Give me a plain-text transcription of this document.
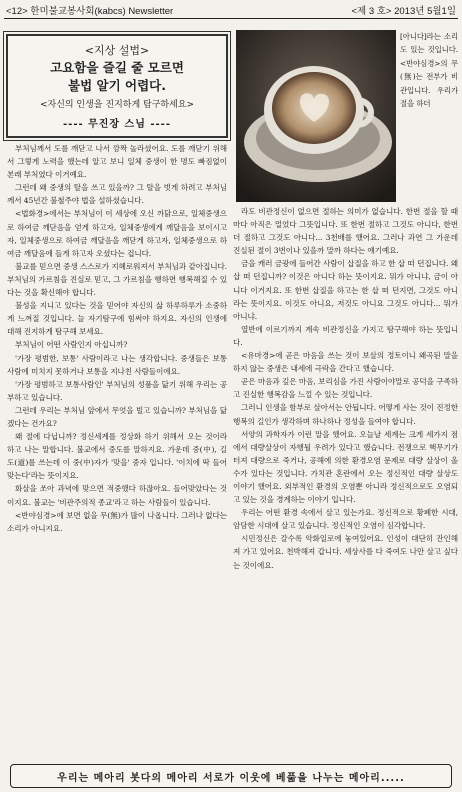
<12> 한미불교봉사회(kabcs) Newsletter	<제 3 호> 2013년 5월1일
<지상 설법>
고요함을 즐길 줄 모르면
불법 알기 어렵다.
<자신의 인생을 진지하게 탐구하세요>
---- 무진장 스님 ----

[아니다]라는 소리도 있는 것입니다. <반야심경>의 무(無)는 전부가 비관입니다. 우리가 절을 하더

부처님께서 도를 깨닫고 나서 깜짝 놀라셨어요. 도를 깨닫기 위해서 그렇게 노력을 했는데 알고 보니 일체 중생이 한 명도 빠짐없이 본래 부처였다 이거예요.

그런데 왜 중생의 탈을 쓰고 있을까? 그 탈을 벗게 하려고 부처님께서 45년간 불철주야 법을 설하셨습니다.

<법화경>에서는 부처님이 이 세상에 오신 까닭으로, 일체중생으로 하여금 깨닫음을 얻게 하고자, 일체중생에게 깨달음을 보이시고자, 일체중생으로 하여금 깨달음을 깨닫게 하고자, 일체중생으로 하여금 깨달음에 들게 하고자 오셨다는 겁니다.

불교를 믿으면 중생 스스로가 지혜로워져서 부처님과 같아집니다. 부처님의 가르침을 진실로 믿고, 그 가르침을 행하면 행복해질 수 있다는 것을 확신해야 합니다.

불성을 지니고 있다는 것을 믿어야 자신의 삶 하루하루가 소중하게 느껴질 것입니다. 늘 자기탐구에 힘써야 하지요. 자신의 인생에 대해 진지하게 탐구해 보세요.

부처님이 어떤 사람인지 아십니까?

'가장 평범한, 보통' 사람이라고 나는 생각합니다. 중생들은 보통사람에 미치지 못하거나 보통을 지나친 사람들이에요.

'가장 평범하고 보통사람인' 부처님의 성품을 닮기 위해 우리는 공부하고 있습니다.

그런데 우리는 부처님 앞에서 무엇을 빌고 있습니까? 부처님을 닮겠다는 건가요?

왜 절에 다닙니까? 정신세계를 정상화 하기 위해서 오는 것이라 하고 나는 말합니다. 불교에서 중도를 말하지요. 가운데 중(中), 길 도(道)를 쓰는데 이 중(中)자가 '맞을' 중자 입니다. '이치에 딱 들어맞는다'라는 뜻이지요.

화살을 쏘아 과녁에 맞으면 적중했다 하잖아요. 들어맞았다는 것이지요. 불교는 '비관주의적 종교'라고 하는 사람들이 있습니다.

<반야심경>에 보면 없을 무(無)가 많이 나옵니다. 그러나 없다는 소리가 아니지요.

라도 비관정신이 없으면 절하는 의미가 없습니다. 한번 절을 할 때마다 아직은 멀었다 그뜻입니다. 또 한번 절하고 그것도 아니다, 한번 더 절하고 그것도 아니다... 3천배를 했어요. 그러나 과연 그 가운데 진실된 절이 3번이나 있을까 말까 하다는 얘기예요.

금을 캐러 금광에 들어간 사람이 삽질을 하고 한 삽 떠 던집니다. 왜 삽 떠 던집니까? 이것은 아니다 하는 뜻이지요. 뭐가 아니냐, 금이 아니다 이거지요. 또 한번 삽질을 하고는 한 삽 떠 던지면, 그것도 아니라는 뜻이지요. 이것도 아니요, 저것도 아니요 그것도 아니다... 뭐가 아니냐.

열반에 이르기까지 계속 비관정신을 가지고 탐구해야 하는 뜻입니다.

<유마경>에 곧은 마음을 쓰는 것이 보살의 정토이니 왜곡된 말을 하지 않는 중생은 내세에 극락을 간다고 했습니다.

곧은 마음과 깊은 마음, 보리심을 가진 사람이야말로 공덕을 구족하고 진실한 행복감을 느낄 수 있는 것입니다.

그러니 인생을 함부로 살아서는 안됩니다. 어떻게 사는 것이 진정한 행복의 길인가 생각하며 하나하나 정성을 들여야 합니다.

서양의 과학자가 이런 말을 했어요. 오늘날 세계는 크게 세가지 점에서 대량살상이 자행될 우려가 있다고 했습니다. 전쟁으로 핵무기가 터져 대량으로 죽거나, 공해에 의한 환경오염 문제로 대량 살상이 올 수가 있다는 것입니다. 가치관 혼란에서 오는 정신적인 대량 살상도 이야기 했어요. 외부적인 환경의 오염뿐 아니라 정신적으로도 오염되고 있는 것을 경계하는 이야기 입니다.

우리는 어떤 환경 속에서 살고 있는가요. 정신적으로 황폐한 시대, 암담한 시대에 살고 있습니다. 정신적인 오염이 심각합니다.

시민정신은 갈수록 악화일로에 놓여있어요. 인성이 대단히 잔인해져 가고 있어요. 천박해져 갑니다. 세상사를 다 죽여도 나만 살고 싶다는 것이에요.

우리는 메아리 봇다의 메아리 서로가 이웃에 베풂을 나누는 메아리.....
